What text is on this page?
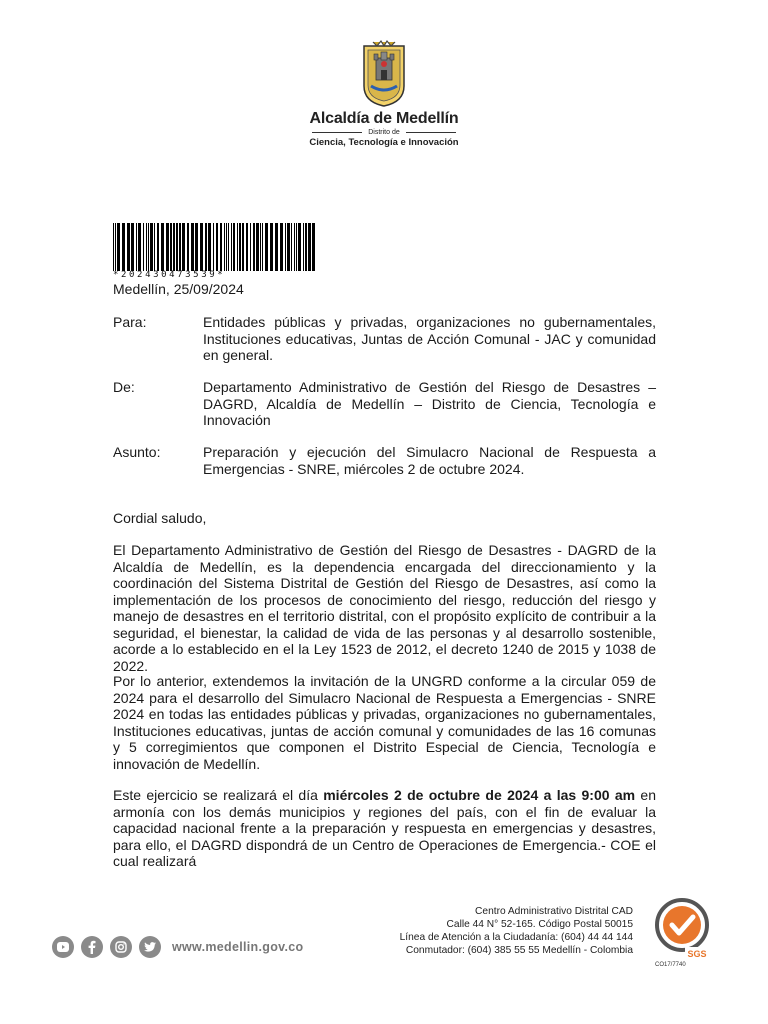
Alcaldía de Medellín
Distrito de
Ciencia, Tecnología e Innovación
*202430473539*
Medellín, 25/09/2024
Para:	Entidades públicas y privadas, organizaciones no gubernamentales, Instituciones educativas, Juntas de Acción Comunal - JAC y comunidad en general.
De:	Departamento Administrativo de Gestión del Riesgo de Desastres – DAGRD, Alcaldía de Medellín – Distrito de Ciencia, Tecnología e Innovación
Asunto:	Preparación y ejecución del Simulacro Nacional de Respuesta a Emergencias - SNRE, miércoles 2 de octubre 2024.
Cordial saludo,
El Departamento Administrativo de Gestión del Riesgo de Desastres - DAGRD de la Alcaldía de Medellín, es la dependencia encargada del direccionamiento y la coordinación del Sistema Distrital de Gestión del Riesgo de Desastres, así como la implementación de los procesos de conocimiento del riesgo, reducción del riesgo y manejo de desastres en el territorio distrital, con el propósito explícito de contribuir a la seguridad, el bienestar, la calidad de vida de las personas y al desarrollo sostenible, acorde a lo establecido en el la Ley 1523 de 2012, el decreto 1240 de 2015 y 1038 de 2022.
Por lo anterior, extendemos la invitación de la UNGRD conforme a la circular 059 de 2024 para el desarrollo del Simulacro Nacional de Respuesta a Emergencias - SNRE 2024 en todas las entidades públicas y privadas, organizaciones no gubernamentales, Instituciones educativas, juntas de acción comunal y comunidades de las 16 comunas y 5 corregimientos que componen el Distrito Especial de Ciencia, Tecnología e innovación de Medellín.
Este ejercicio se realizará el día miércoles 2 de octubre de 2024 a las 9:00 am en armonía con los demás municipios y regiones del país, con el fin de evaluar la capacidad nacional frente a la preparación y respuesta en emergencias y desastres, para ello, el DAGRD dispondrá de un Centro de Operaciones de Emergencia.- COE el cual realizará
www.medellin.gov.co
Centro Administrativo Distrital CAD
Calle 44 N° 52-165. Código Postal 50015
Línea de Atención a la Ciudadanía: (604) 44 44 144
Conmutador: (604) 385 55 55 Medellín - Colombia	SGS
CO17/7740
